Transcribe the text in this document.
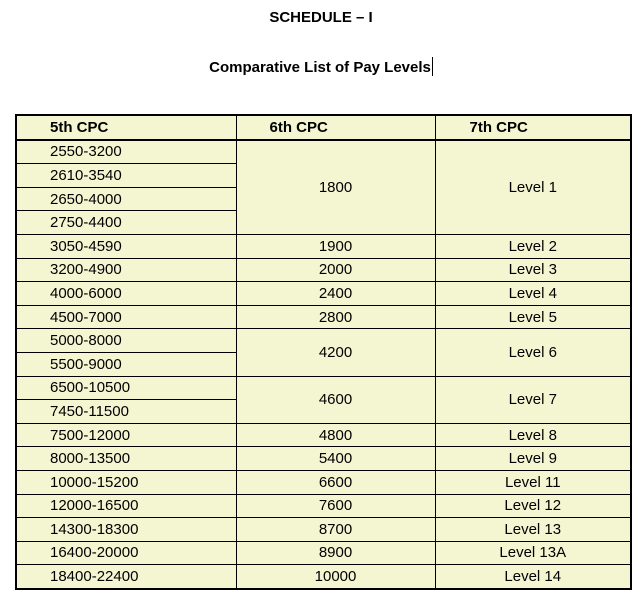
SCHEDULE – I
Comparative List of Pay Levels
5th CPC	6th CPC	7th CPC
2550-3200	1800	Level 1
2610-3540		
2650-4000		
2750-4400		
3050-4590	1900	Level 2
3200-4900	2000	Level 3
4000-6000	2400	Level 4
4500-7000	2800	Level 5
5000-8000	4200	Level 6
5500-9000		
6500-10500	4600	Level 7
7450-11500		
7500-12000	4800	Level 8
8000-13500	5400	Level 9
10000-15200	6600	Level 11
12000-16500	7600	Level 12
14300-18300	8700	Level 13
16400-20000	8900	Level 13A
18400-22400	10000	Level 14
